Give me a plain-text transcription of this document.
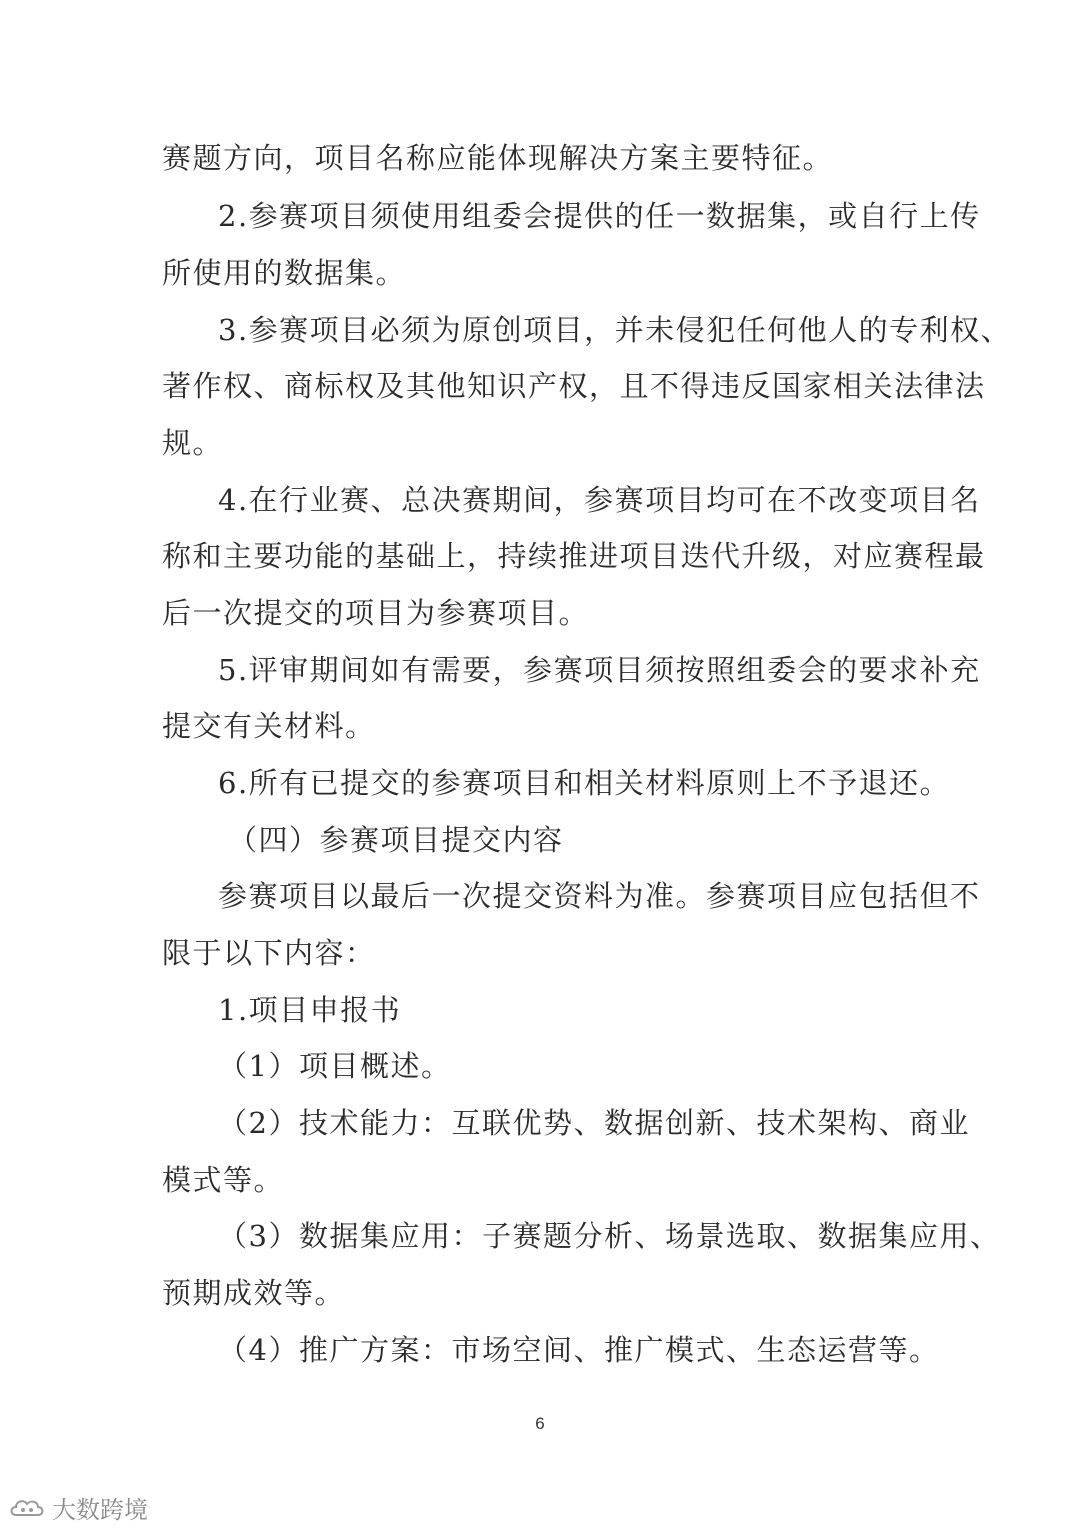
赛题方向，项目名称应能体现解决方案主要特征。
2.参赛项目须使用组委会提供的任一数据集，或自行上传
所使用的数据集。
3.参赛项目必须为原创项目，并未侵犯任何他人的专利权、
著作权、商标权及其他知识产权，且不得违反国家相关法律法
规。
4.在行业赛、总决赛期间，参赛项目均可在不改变项目名
称和主要功能的基础上，持续推进项目迭代升级，对应赛程最
后一次提交的项目为参赛项目。
5.评审期间如有需要，参赛项目须按照组委会的要求补充
提交有关材料。
6.所有已提交的参赛项目和相关材料原则上不予退还。
（四）参赛项目提交内容
参赛项目以最后一次提交资料为准。参赛项目应包括但不
限于以下内容：
1.项目申报书
（1）项目概述。
（2）技术能力：互联优势、数据创新、技术架构、商业
模式等。
（3）数据集应用：子赛题分析、场景选取、数据集应用、
预期成效等。
（4）推广方案：市场空间、推广模式、生态运营等。
6
大数跨境
